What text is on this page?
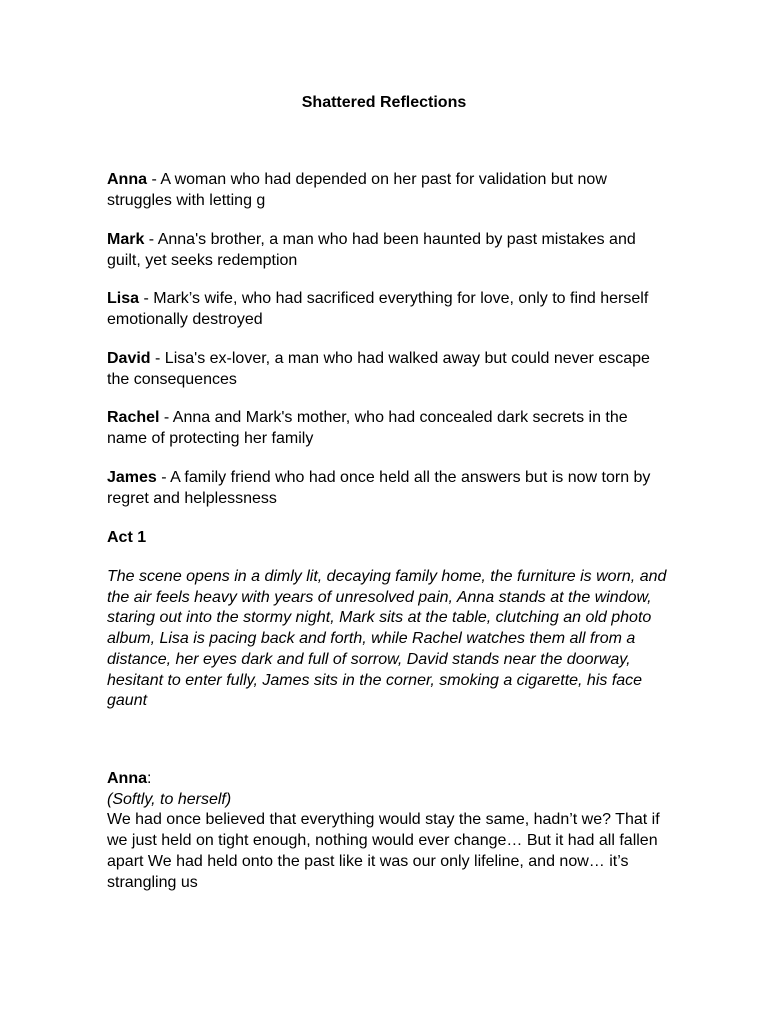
Shattered Reflections

Anna - A woman who had depended on her past for validation but now struggles with letting g

Mark - Anna's brother, a man who had been haunted by past mistakes and guilt, yet seeks redemption

Lisa - Mark’s wife, who had sacrificed everything for love, only to find herself emotionally destroyed

David - Lisa's ex-lover, a man who had walked away but could never escape the consequences

Rachel - Anna and Mark's mother, who had concealed dark secrets in the name of protecting her family

James - A family friend who had once held all the answers but is now torn by regret and helplessness

Act 1

The scene opens in a dimly lit, decaying family home, the furniture is worn, and the air feels heavy with years of unresolved pain, Anna stands at the window, staring out into the stormy night, Mark sits at the table, clutching an old photo album, Lisa is pacing back and forth, while Rachel watches them all from a distance, her eyes dark and full of sorrow, David stands near the doorway, hesitant to enter fully, James sits in the corner, smoking a cigarette, his face gaunt

Anna:
(Softly, to herself)
We had once believed that everything would stay the same, hadn’t we? That if we just held on tight enough, nothing would ever change… But it had all fallen apart We had held onto the past like it was our only lifeline, and now… it’s strangling us
